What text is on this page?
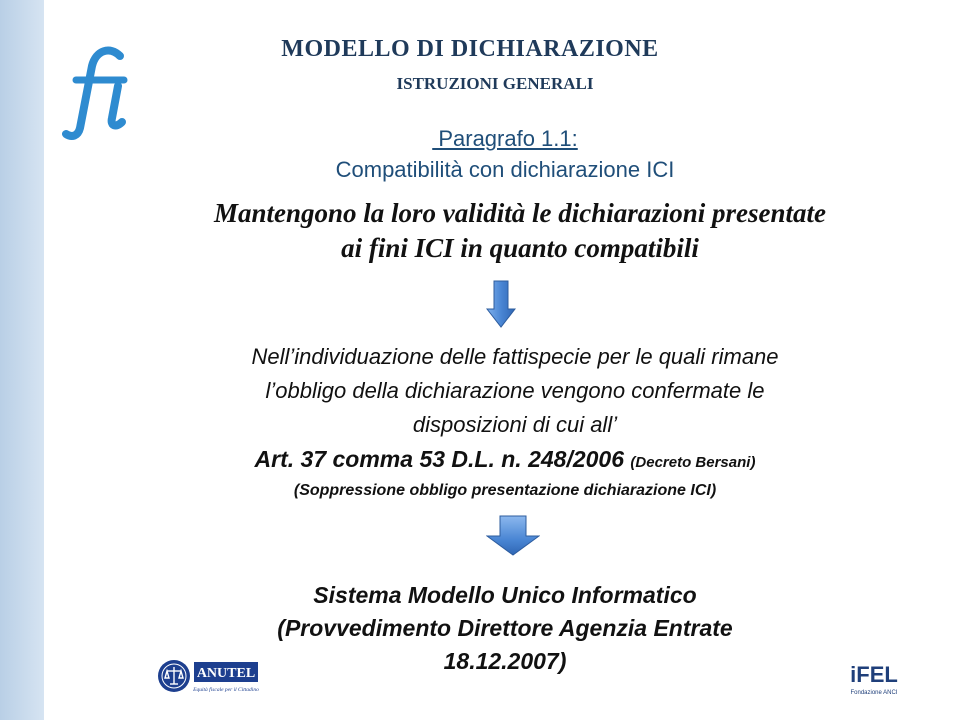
fi	MODELLO DI DICHIARAZIONE
ISTRUZIONI GENERALI
Paragrafo 1.1:
Compatibilità con dichiarazione ICI
Mantengono la loro validità le dichiarazioni presentate
ai fini ICI in quanto compatibili
Nell’individuazione delle fattispecie per le quali rimane
l’obbligo della dichiarazione vengono confermate le
disposizioni di cui all’
Art. 37 comma 53 D.L. n. 248/2006 (Decreto Bersani)
(Soppressione obbligo presentazione dichiarazione ICI)
Sistema Modello Unico Informatico
(Provvedimento Direttore Agenzia Entrate
18.12.2007)
ANUTEL
Equità fiscale per il Cittadino
iFEL
Fondazione ANCI
